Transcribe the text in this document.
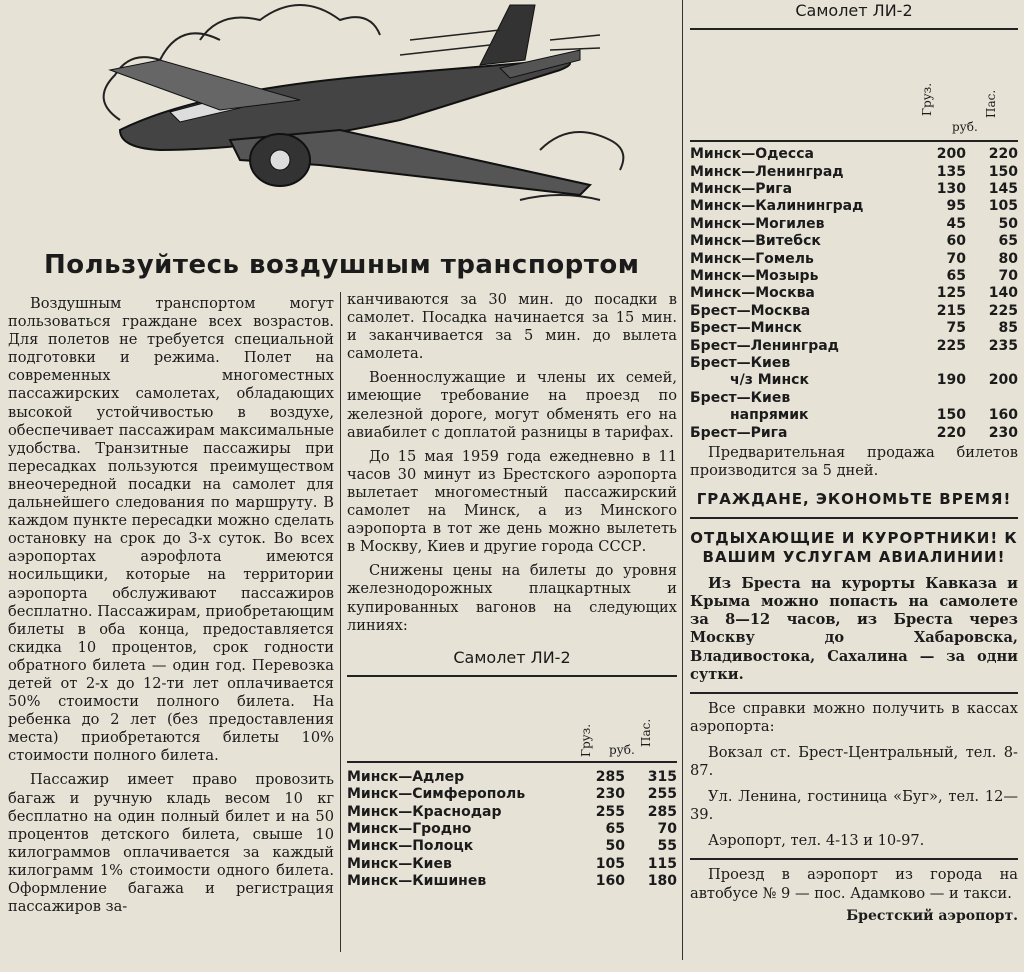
Пользуйтесь воздушным транспортом

Воздушным транспортом могут пользоваться граждане всех возрастов. Для полетов не требуется специальной подготовки и режима. Полет на современных многоместных пассажирских самолетах, обладающих высокой устойчивостью в воздухе, обеспечивает пассажирам максимальные удобства. Транзитные пассажиры при пересадках пользуются преимуществом внеочередной посадки на самолет для дальнейшего следования по маршруту. В каждом пункте пересадки можно сделать остановку на срок до 3-х суток. Во всех аэропортах аэрофлота имеются носильщики, которые на территории аэропорта обслуживают пассажиров бесплатно. Пассажирам, приобретающим билеты в оба конца, предоставляется скидка 10 процентов, срок годности обратного билета — один год. Перевозка детей от 2-х до 12-ти лет оплачивается 50% стоимости полного билета. На ребенка до 2 лет (без предоставления места) приобретаются билеты 10% стоимости полного билета.

Пассажир имеет право провозить багаж и ручную кладь весом 10 кг бесплатно на один полный билет и на 50 процентов детского билета, свыше 10 килограммов оплачивается за каждый килограмм 1% стоимости одного билета. Оформление багажа и регистрация пассажиров за-

канчиваются за 30 мин. до посадки в самолет. Посадка начинается за 15 мин. и заканчивается за 5 мин. до вылета самолета.

Военнослужащие и члены их семей, имеющие требование на проезд по железной дороге, могут обменять его на авиабилет с доплатой разницы в тарифах.

До 15 мая 1959 года ежедневно в 11 часов 30 минут из Брестского аэропорта вылетает многоместный пассажирский самолет на Минск, а из Минского аэропорта в тот же день можно вылететь в Москву, Киев и другие города СССР.

Снижены цены на билеты до уровня железнодорожных плацкартных и купированных вагонов на следующих линиях:

Самолет ЛИ-2
Груз.	Пас.
руб.
Минск—Адлер	285	315
Минск—Симферополь	230	255
Минск—Краснодар	255	285
Минск—Гродно	65	70
Минск—Полоцк	50	55
Минск—Киев	105	115
Минск—Кишинев	160	180
Самолет ЛИ-2
Груз.	Пас.
руб.
Минск—Одесса	200	220
Минск—Ленинград	135	150
Минск—Рига	130	145
Минск—Калининград	95	105
Минск—Могилев	45	50
Минск—Витебск	60	65
Минск—Гомель	70	80
Минск—Мозырь	65	70
Минск—Москва	125	140
Брест—Москва	215	225
Брест—Минск	75	85
Брест—Ленинград	225	235
Брест—Киев		
ч/з Минск	190	200
Брест—Киев		
напрямик	150	160
Брест—Рига	220	230

Предварительная продажа билетов производится за 5 дней.

ГРАЖДАНЕ, ЭКОНОМЬТЕ ВРЕМЯ!
ОТДЫХАЮЩИЕ И КУРОРТНИКИ! К ВАШИМ УСЛУГАМ АВИАЛИНИИ!

Из Бреста на курорты Кавказа и Крыма можно попасть на самолете за 8—12 часов, из Бреста через Москву до Хабаровска, Владивостока, Сахалина — за одни сутки.

Все справки можно получить в кассах аэропорта:

Вокзал ст. Брест-Центральный, тел. 8-87.

Ул. Ленина, гостиница «Буг», тел. 12—39.

Аэропорт, тел. 4-13 и 10-97.

Проезд в аэропорт из города на автобусе № 9 — пос. Адамково — и такси.

Брестский аэропорт.
